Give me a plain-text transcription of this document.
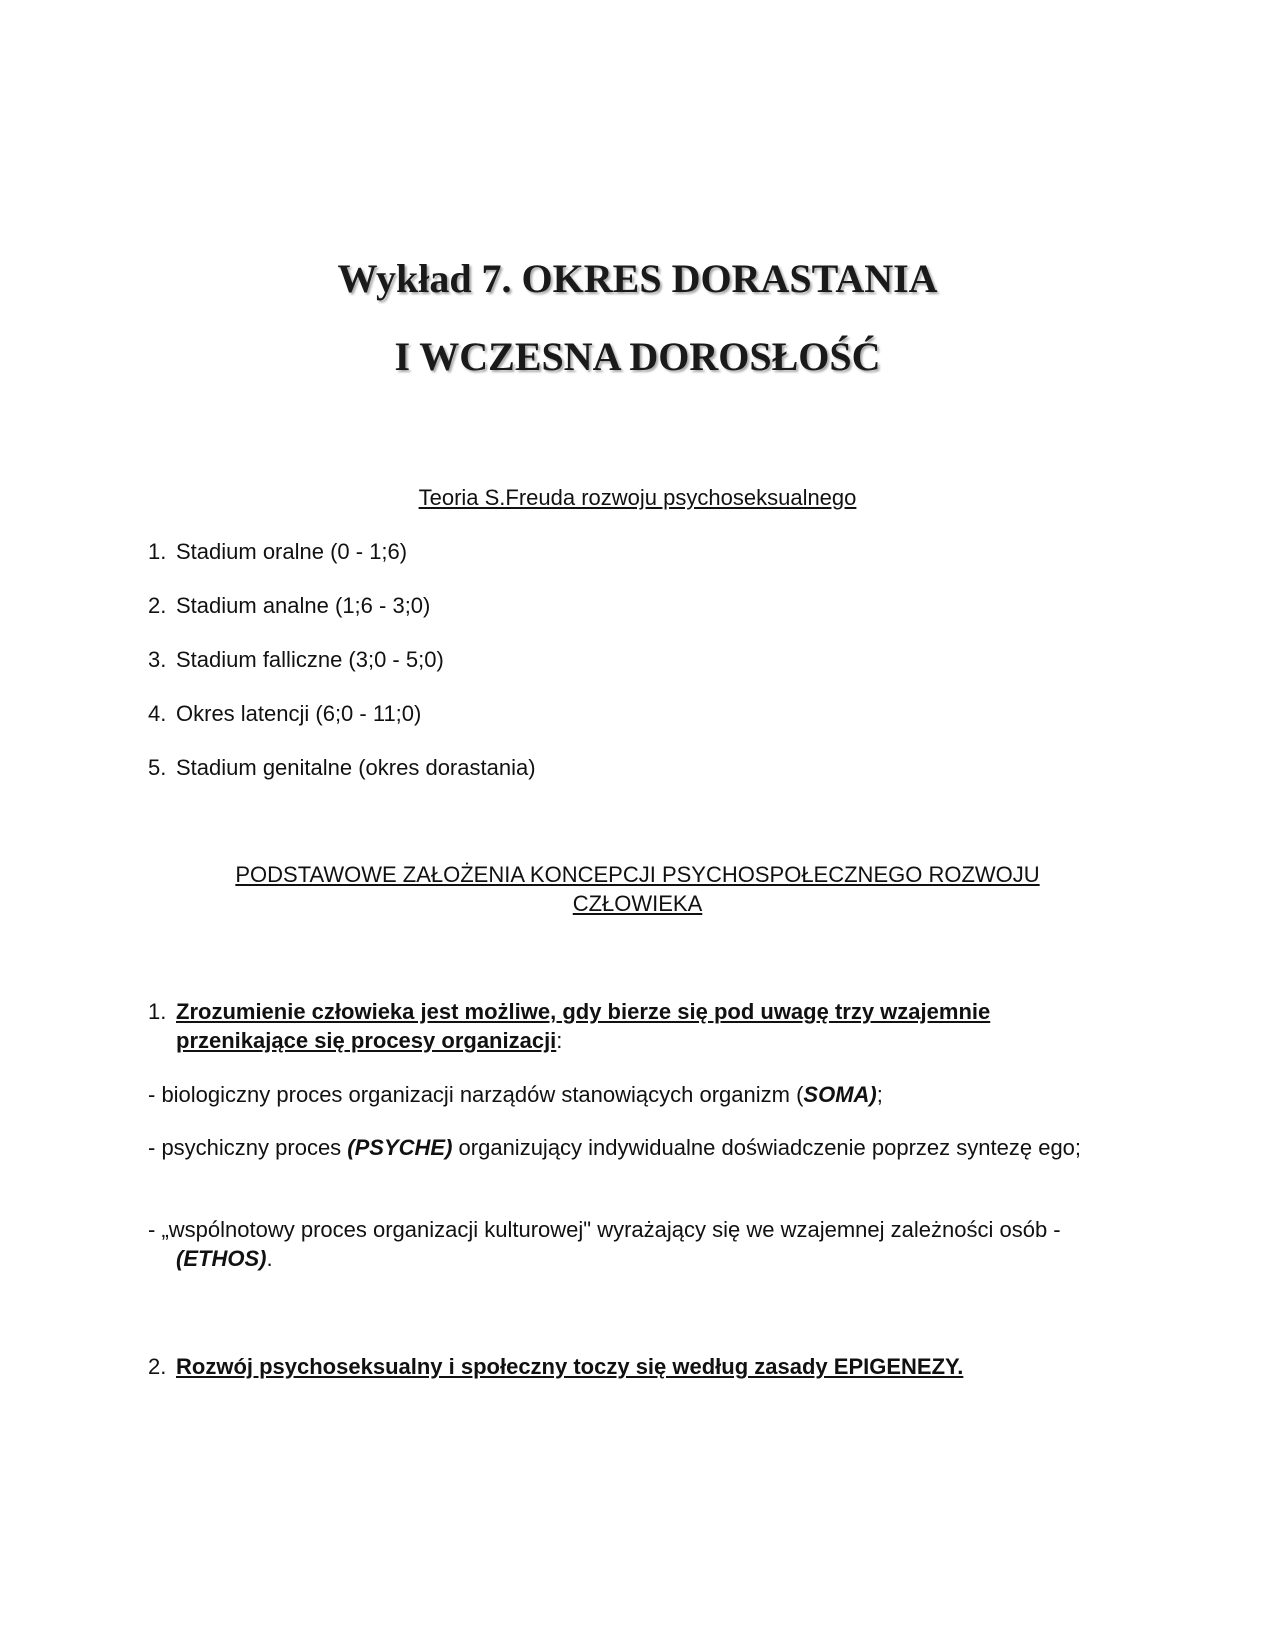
Wykład 7. OKRES DORASTANIA
I WCZESNA DOROSŁOŚĆ

Teoria S.Freuda rozwoju psychoseksualnego

1. Stadium oralne (0 - 1;6)
2. Stadium analne (1;6 - 3;0)
3. Stadium falliczne (3;0 - 5;0)
4. Okres latencji (6;0 - 11;0)
5. Stadium genitalne (okres dorastania)

PODSTAWOWE ZAŁOŻENIA KONCEPCJI PSYCHOSPOŁECZNEGO ROZWOJU CZŁOWIEKA

1. Zrozumienie człowieka jest możliwe, gdy bierze się pod uwagę trzy wzajemnie przenikające się procesy organizacji:

- biologiczny proces organizacji narządów stanowiących organizm (SOMA);

- psychiczny proces (PSYCHE) organizujący indywidualne doświadczenie poprzez syntezę ego;

- „wspólnotowy proces organizacji kulturowej" wyrażający się we wzajemnej zależności osób - (ETHOS).

2. Rozwój psychoseksualny i społeczny toczy się według zasady EPIGENEZY.
